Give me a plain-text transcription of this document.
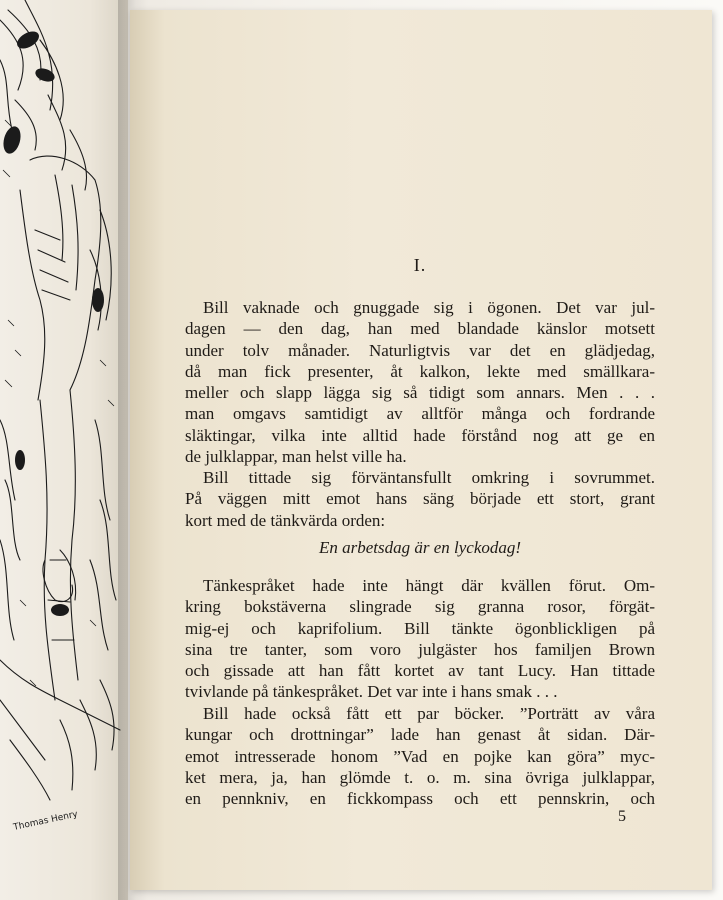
Thomas Henry
I.

Bill vaknade och gnuggade sig i ögonen. Det var jul-
dagen — den dag, han med blandade känslor motsett
under tolv månader. Naturligtvis var det en glädjedag,
då man fick presenter, åt kalkon, lekte med smällkara-
meller och slapp lägga sig så tidigt som annars. Men . . .
man omgavs samtidigt av alltför många och fordrande
släktingar, vilka inte alltid hade förstånd nog att ge en
de julklappar, man helst ville ha.

Bill tittade sig förväntansfullt omkring i sovrummet.
På väggen mitt emot hans säng började ett stort, grant
kort med de tänkvärda orden:

En arbetsdag är en lyckodag!

Tänkespråket hade inte hängt där kvällen förut. Om-
kring bokstäverna slingrade sig granna rosor, förgät-
mig-ej och kaprifolium. Bill tänkte ögonblickligen på
sina tre tanter, som voro julgäster hos familjen Brown
och gissade att han fått kortet av tant Lucy. Han tittade
tvivlande på tänkespråket. Det var inte i hans smak . . .

Bill hade också fått ett par böcker. ”Porträtt av våra
kungar och drottningar” lade han genast åt sidan. Där-
emot intresserade honom ”Vad en pojke kan göra” myc-
ket mera, ja, han glömde t. o. m. sina övriga julklappar,
en pennkniv, en fickkompass och ett pennskrin, och

5
